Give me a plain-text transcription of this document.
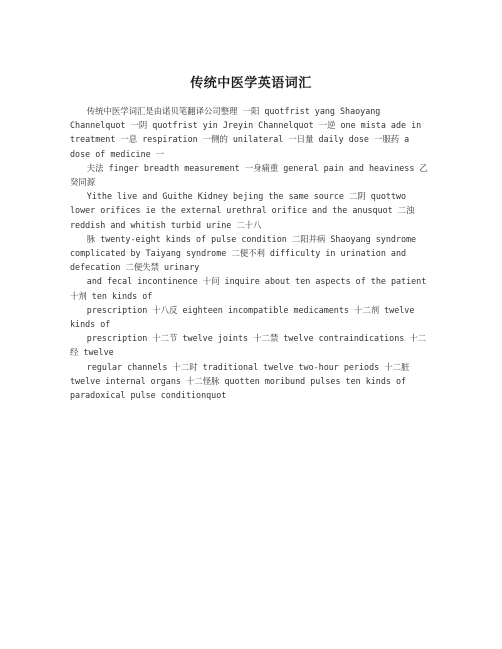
传统中医学英语词汇

传统中医学词汇是由诺贝笔翻译公司整理 一阳 quotfrist yang Shaoyang Channelquot 一阴 quotfrist yin Jreyin Channelquot 一逆 one mista ade in treatment 一息 respiration 一侧的 unilateral 一日量 daily dose 一服药 a dose of medicine 一

夫法 finger breadth measurement 一身痛重 general pain and heaviness 乙癸同源

Yithe live and Guithe Kidney bejing the same source 二阴 quottwo lower orifices ie the external urethral orifice and the anusquot 二浊 reddish and whitish turbid urine 二十八

脉 twenty-eight kinds of pulse condition 二阳并病 Shaoyang syndrome complicated by Taiyang syndrome 二便不利 difficulty in urination and defecation 二便失禁 urinary

and fecal incontinence 十问 inquire about ten aspects of the patient 十剂 ten kinds of

prescription 十八反 eighteen incompatible medicaments 十二剂 twelve kinds of

prescription 十二节 twelve joints 十二禁 twelve contraindications 十二经 twelve

regular channels 十二时 traditional twelve two-hour periods 十二脏 twelve internal organs 十二怪脉 quotten moribund pulses ten kinds of paradoxical pulse conditionquot
